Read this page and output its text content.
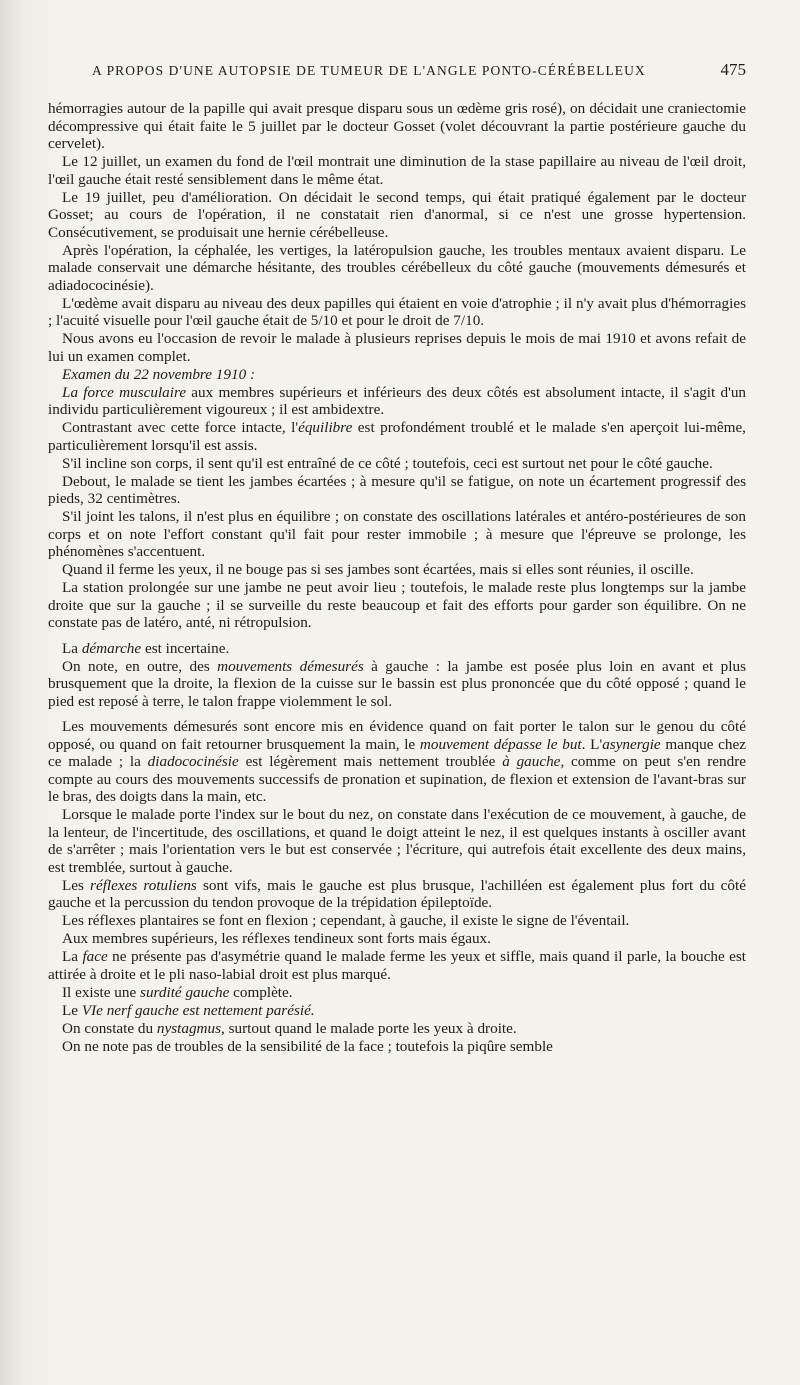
A PROPOS D'UNE AUTOPSIE DE TUMEUR DE L'ANGLE PONTO-CÉRÉBELLEUX	475

hémorragies autour de la papille qui avait presque disparu sous un œdème gris rosé), on décidait une craniectomie décompressive qui était faite le 5 juillet par le docteur Gosset (volet découvrant la partie postérieure gauche du cervelet).

Le 12 juillet, un examen du fond de l'œil montrait une diminution de la stase papillaire au niveau de l'œil droit, l'œil gauche était resté sensiblement dans le même état.

Le 19 juillet, peu d'amélioration. On décidait le second temps, qui était pratiqué également par le docteur Gosset; au cours de l'opération, il ne constatait rien d'anormal, si ce n'est une grosse hypertension. Consécutivement, se produisait une hernie cérébelleuse.

Après l'opération, la céphalée, les vertiges, la latéropulsion gauche, les troubles mentaux avaient disparu. Le malade conservait une démarche hésitante, des troubles cérébelleux du côté gauche (mouvements démesurés et adiadococinésie).

L'œdème avait disparu au niveau des deux papilles qui étaient en voie d'atrophie ; il n'y avait plus d'hémorragies ; l'acuité visuelle pour l'œil gauche était de 5/10 et pour le droit de 7/10.

Nous avons eu l'occasion de revoir le malade à plusieurs reprises depuis le mois de mai 1910 et avons refait de lui un examen complet.

Examen du 22 novembre 1910 :

La force musculaire aux membres supérieurs et inférieurs des deux côtés est absolument intacte, il s'agit d'un individu particulièrement vigoureux ; il est ambidextre.

Contrastant avec cette force intacte, l'équilibre est profondément troublé et le malade s'en aperçoit lui-même, particulièrement lorsqu'il est assis.

S'il incline son corps, il sent qu'il est entraîné de ce côté ; toutefois, ceci est surtout net pour le côté gauche.

Debout, le malade se tient les jambes écartées ; à mesure qu'il se fatigue, on note un écartement progressif des pieds, 32 centimètres.

S'il joint les talons, il n'est plus en équilibre ; on constate des oscillations latérales et antéro-postérieures de son corps et on note l'effort constant qu'il fait pour rester immobile ; à mesure que l'épreuve se prolonge, les phénomènes s'accentuent.

Quand il ferme les yeux, il ne bouge pas si ses jambes sont écartées, mais si elles sont réunies, il oscille.

La station prolongée sur une jambe ne peut avoir lieu ; toutefois, le malade reste plus longtemps sur la jambe droite que sur la gauche ; il se surveille du reste beaucoup et fait des efforts pour garder son équilibre. On ne constate pas de latéro, anté, ni rétropulsion.

La démarche est incertaine.

On note, en outre, des mouvements démesurés à gauche : la jambe est posée plus loin en avant et plus brusquement que la droite, la flexion de la cuisse sur le bassin est plus prononcée que du côté opposé ; quand le pied est reposé à terre, le talon frappe violemment le sol.

Les mouvements démesurés sont encore mis en évidence quand on fait porter le talon sur le genou du côté opposé, ou quand on fait retourner brusquement la main, le mouvement dépasse le but. L'asynergie manque chez ce malade ; la diadococinésie est légèrement mais nettement troublée à gauche, comme on peut s'en rendre compte au cours des mouvements successifs de pronation et supination, de flexion et extension de l'avant-bras sur le bras, des doigts dans la main, etc.

Lorsque le malade porte l'index sur le bout du nez, on constate dans l'exécution de ce mouvement, à gauche, de la lenteur, de l'incertitude, des oscillations, et quand le doigt atteint le nez, il est quelques instants à osciller avant de s'arrêter ; mais l'orientation vers le but est conservée ; l'écriture, qui autrefois était excellente des deux mains, est tremblée, surtout à gauche.

Les réflexes rotuliens sont vifs, mais le gauche est plus brusque, l'achilléen est également plus fort du côté gauche et la percussion du tendon provoque de la trépidation épileptoïde.

Les réflexes plantaires se font en flexion ; cependant, à gauche, il existe le signe de l'éventail.

Aux membres supérieurs, les réflexes tendineux sont forts mais égaux.

La face ne présente pas d'asymétrie quand le malade ferme les yeux et siffle, mais quand il parle, la bouche est attirée à droite et le pli naso-labial droit est plus marqué.

Il existe une surdité gauche complète.

Le VIe nerf gauche est nettement parésié.

On constate du nystagmus, surtout quand le malade porte les yeux à droite.

On ne note pas de troubles de la sensibilité de la face ; toutefois la piqûre semble
